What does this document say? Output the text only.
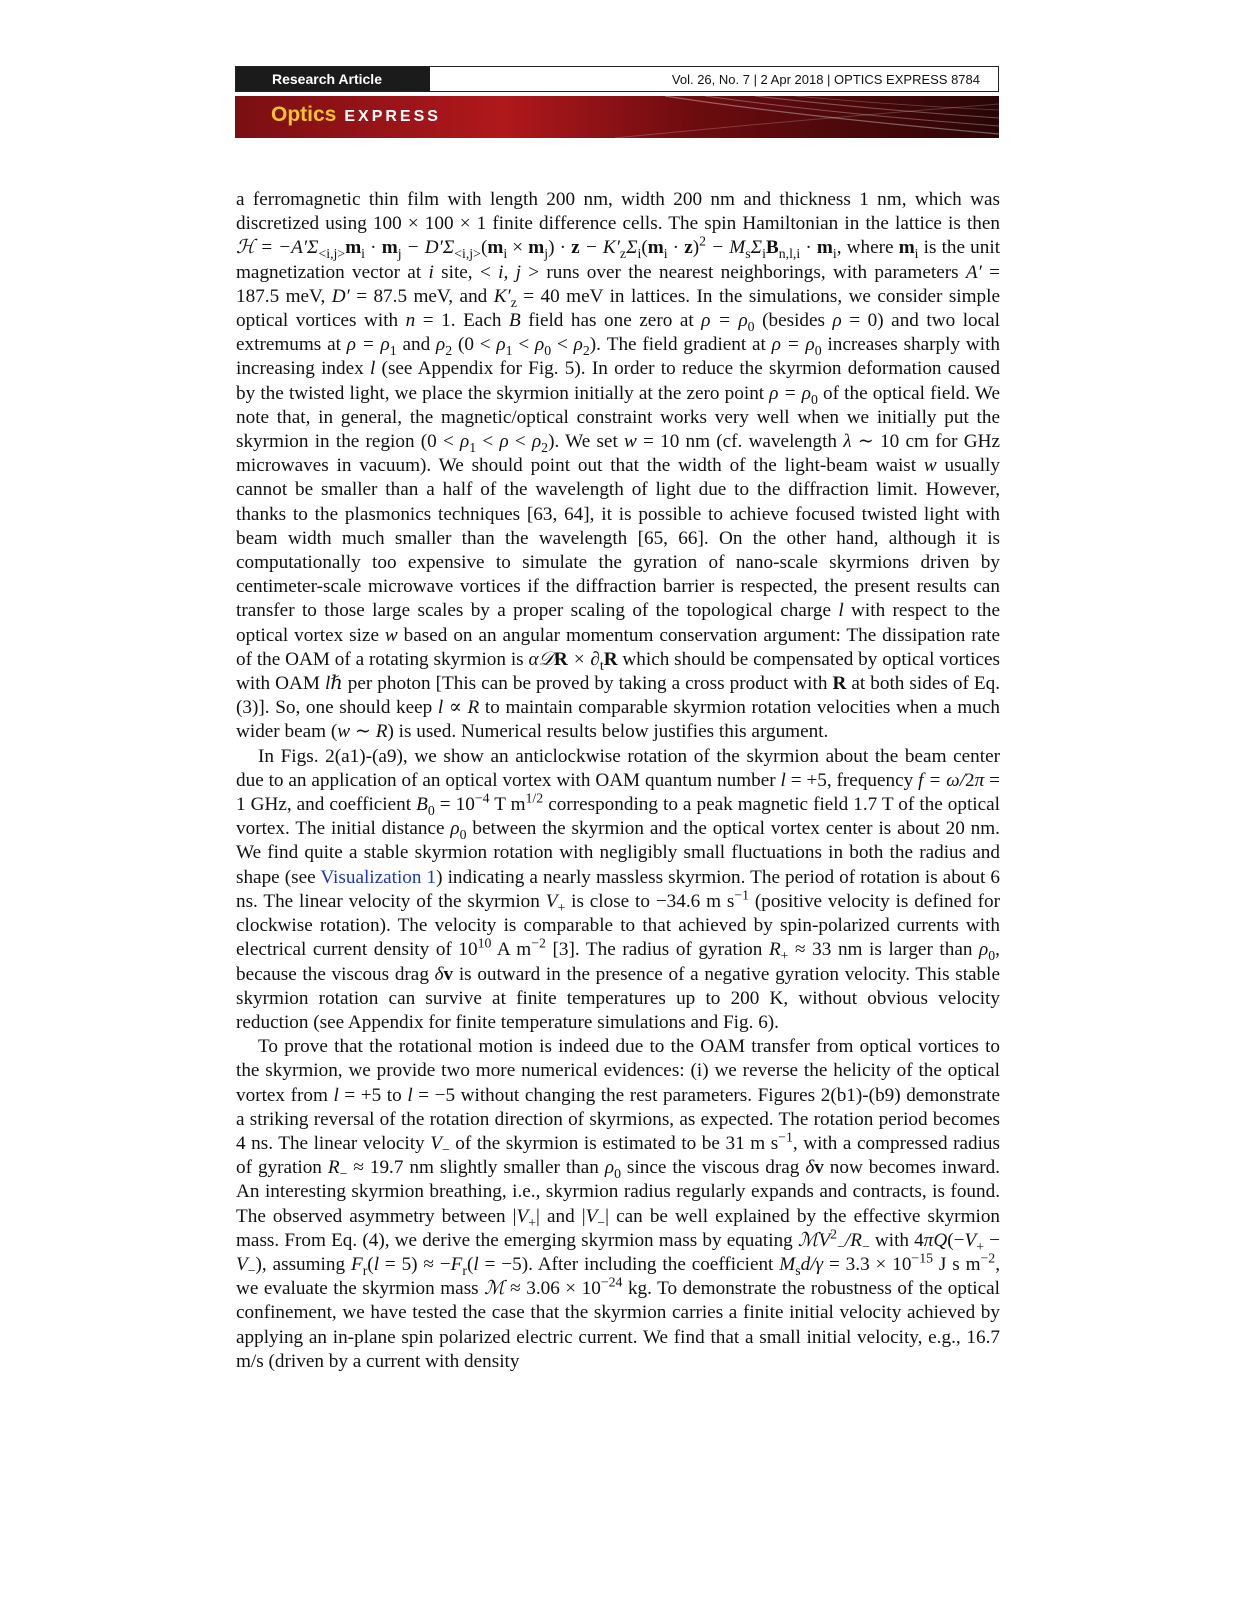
Research Article	Vol. 26, No. 7 | 2 Apr 2018 | OPTICS EXPRESS 8784
Optics EXPRESS

a ferromagnetic thin film with length 200 nm, width 200 nm and thickness 1 nm, which was discretized using 100 × 100 × 1 finite difference cells. The spin Hamiltonian in the lattice is then ℋ = $-A'\Sigma_{<i,j>}m_i \cdot m_j - D'\Sigma_{<i,j>}(m_i \times m_j) \cdot z - K'_z\Sigma_i(m_i \cdot z)^2 - M_s\Sigma_iB_{n,l,i} \cdot m_i$, where $m_i$ is the unit magnetization vector at i site, < i, j > runs over the nearest neighborings, with parameters A′ = 187.5 meV, D′ = 87.5 meV, and $K'_z = 40$ meV in lattices. In the simulations, we consider simple optical vortices with n = 1. Each B field has one zero at $\rho = \rho_0$ (besides ρ = 0) and two local extremums at $\rho = \rho_1$ and $\rho_2$ $(0 < \rho_1 < \rho_0 < \rho_2)$. The field gradient at $\rho = \rho_0$ increases sharply with increasing index l (see Appendix for Fig. 5). In order to reduce the skyrmion deformation caused by the twisted light, we place the skyrmion initially at the zero point $\rho = \rho_0$ of the optical field. We note that, in general, the magnetic/optical constraint works very well when we initially put the skyrmion in the region $(0 < \rho_1 < \rho < \rho_2)$. We set w = 10 nm (cf. wavelength λ ∼ 10 cm for GHz microwaves in vacuum). We should point out that the width of the light-beam waist w usually cannot be smaller than a half of the wavelength of light due to the diffraction limit. However, thanks to the plasmonics techniques [63, 64], it is possible to achieve focused twisted light with beam width much smaller than the wavelength [65, 66]. On the other hand, although it is computationally too expensive to simulate the gyration of nano-scale skyrmions driven by centimeter-scale microwave vortices if the diffraction barrier is respected, the present results can transfer to those large scales by a proper scaling of the topological charge l with respect to the optical vortex size w based on an angular momentum conservation argument: The dissipation rate of the OAM of a rotating skyrmion is α𝒟R × $\partial_tR$ which should be compensated by optical vortices with OAM lℏ per photon [This can be proved by taking a cross product with R at both sides of Eq. (3)]. So, one should keep l ∝ R to maintain comparable skyrmion rotation velocities when a much wider beam (w ∼ R) is used. Numerical results below justifies this argument.

In Figs. 2(a1)-(a9), we show an anticlockwise rotation of the skyrmion about the beam center due to an application of an optical vortex with OAM quantum number l = +5, frequency f = ω/2π = 1 GHz, and coefficient $B_0 = 10^{-4}$ T $m^{1/2}$ corresponding to a peak magnetic field 1.7 T of the optical vortex. The initial distance $\rho_0$ between the skyrmion and the optical vortex center is about 20 nm. We find quite a stable skyrmion rotation with negligibly small fluctuations in both the radius and shape (see Visualization 1) indicating a nearly massless skyrmion. The period of rotation is about 6 ns. The linear velocity of the skyrmion $V_+$ is close to −34.6 m $s^{-1}$ (positive velocity is defined for clockwise rotation). The velocity is comparable to that achieved by spin-polarized currents with electrical current density of $10^{10}$ A $m^{-2}$ [3]. The radius of gyration $R_+ \approx 33$ nm is larger than $\rho_0$, because the viscous drag δv is outward in the presence of a negative gyration velocity. This stable skyrmion rotation can survive at finite temperatures up to 200 K, without obvious velocity reduction (see Appendix for finite temperature simulations and Fig. 6).

To prove that the rotational motion is indeed due to the OAM transfer from optical vortices to the skyrmion, we provide two more numerical evidences: (i) we reverse the helicity of the optical vortex from l = +5 to l = −5 without changing the rest parameters. Figures 2(b1)-(b9) demonstrate a striking reversal of the rotation direction of skyrmions, as expected. The rotation period becomes 4 ns. The linear velocity $V_-$ of the skyrmion is estimated to be 31 m $s^{-1}$, with a compressed radius of gyration $R_- \approx 19.7$ nm slightly smaller than $\rho_0$ since the viscous drag δv now becomes inward. An interesting skyrmion breathing, i.e., skyrmion radius regularly expands and contracts, is found. The observed asymmetry between $|V_+|$ and $|V_-|$ can be well explained by the effective skyrmion mass. From Eq. (4), we derive the emerging skyrmion mass by equating $ℳV^2_-/R_-$ with $4\pi Q(-V_+ - V_-)$, assuming $F_r(l = 5) \approx -F_r(l = -5)$. After including the coefficient $M_sd/\gamma = 3.3 \times 10^{-15}$ J s $m^{-2}$, we evaluate the skyrmion mass ℳ ≈ $3.06 \times 10^{-24}$ kg. To demonstrate the robustness of the optical confinement, we have tested the case that the skyrmion carries a finite initial velocity achieved by applying an in-plane spin polarized electric current. We find that a small initial velocity, e.g., 16.7 m/s (driven by a current with density
